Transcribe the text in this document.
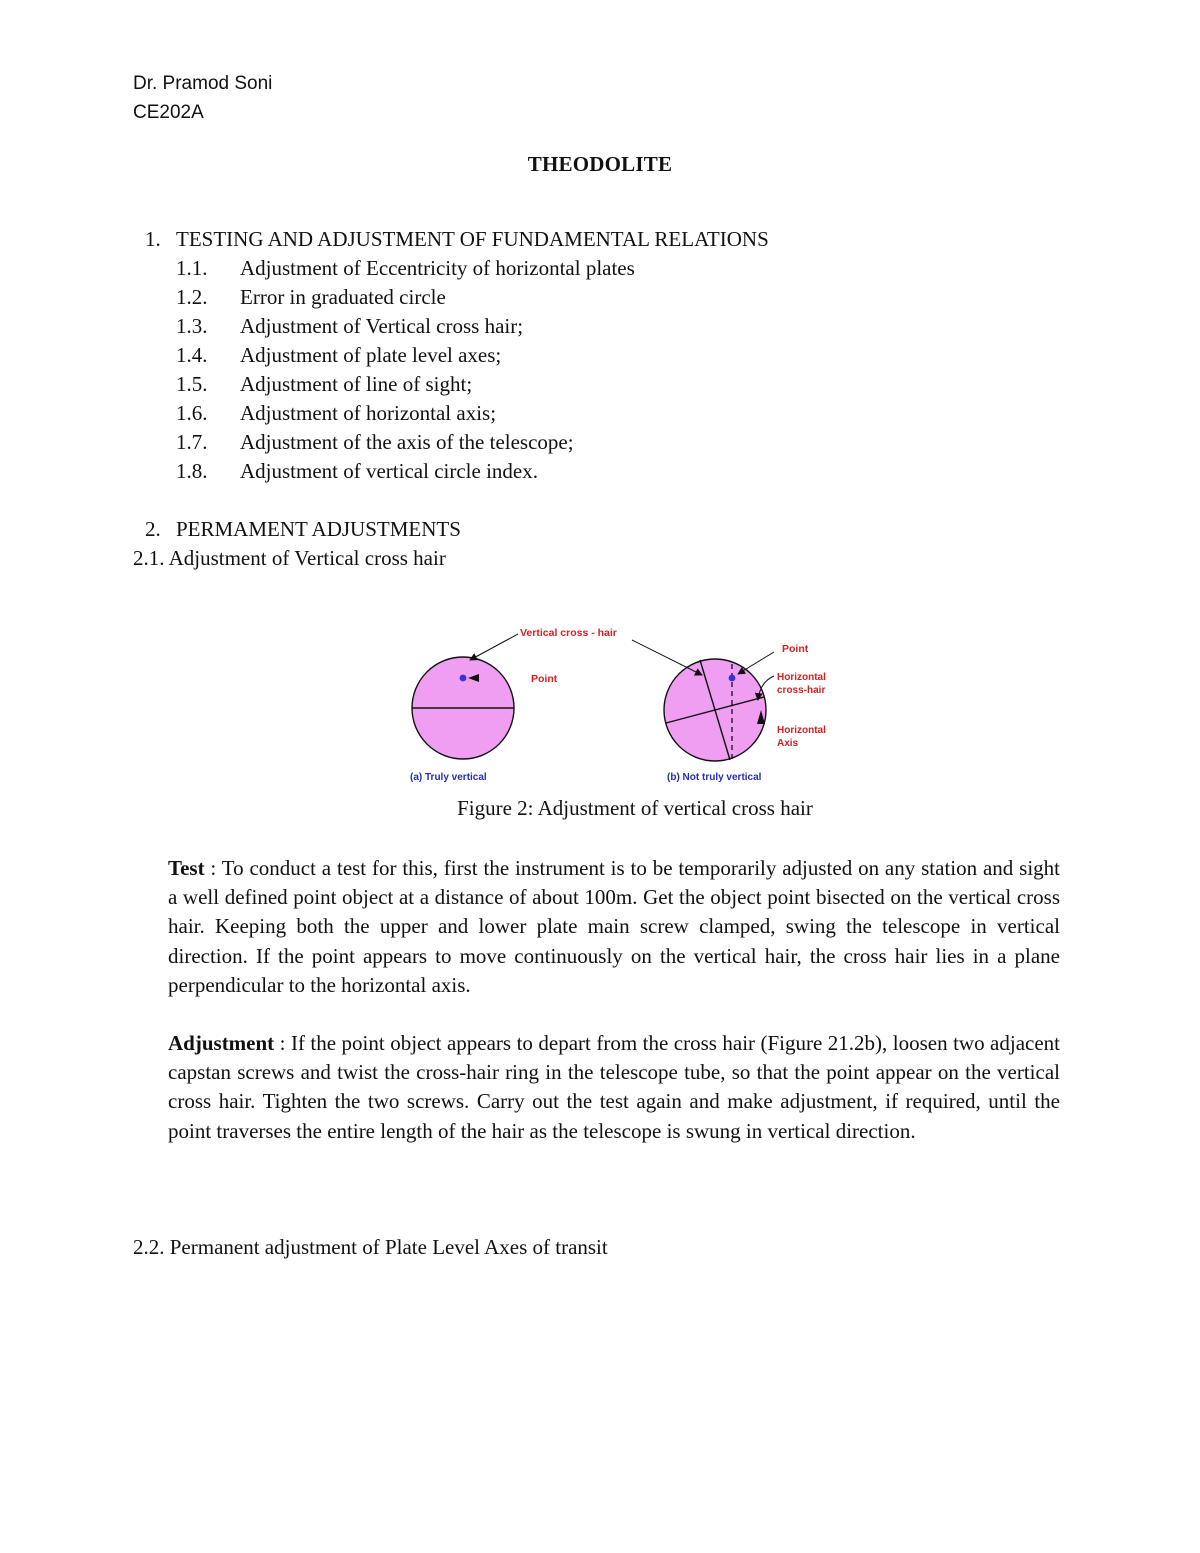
Dr. Pramod Soni
CE202A
THEODOLITE
1. TESTING AND ADJUSTMENT OF FUNDAMENTAL RELATIONS
1.1. Adjustment of Eccentricity of horizontal plates
1.2. Error in graduated circle
1.3. Adjustment of Vertical cross hair;
1.4. Adjustment of plate level axes;
1.5. Adjustment of line of sight;
1.6. Adjustment of horizontal axis;
1.7. Adjustment of the axis of the telescope;
1.8. Adjustment of vertical circle index.
2. PERMAMENT ADJUSTMENTS
2.1. Adjustment of Vertical cross hair
Vertical cross - hair
Point
Point
Horizontal
cross-hair
Horizontal
Axis
(a) Truly vertical	(b) Not truly vertical
Figure 2: Adjustment of vertical cross hair
Test : To conduct a test for this, first the instrument is to be temporarily adjusted on any station and sight a well defined point object at a distance of about 100m. Get the object point bisected on the vertical cross hair. Keeping both the upper and lower plate main screw clamped, swing the telescope in vertical direction. If the point appears to move continuously on the vertical hair, the cross hair lies in a plane perpendicular to the horizontal axis.
Adjustment : If the point object appears to depart from the cross hair (Figure 21.2b), loosen two adjacent capstan screws and twist the cross-hair ring in the telescope tube, so that the point appear on the vertical cross hair. Tighten the two screws. Carry out the test again and make adjustment, if required, until the point traverses the entire length of the hair as the telescope is swung in vertical direction.
2.2. Permanent adjustment of Plate Level Axes of transit
